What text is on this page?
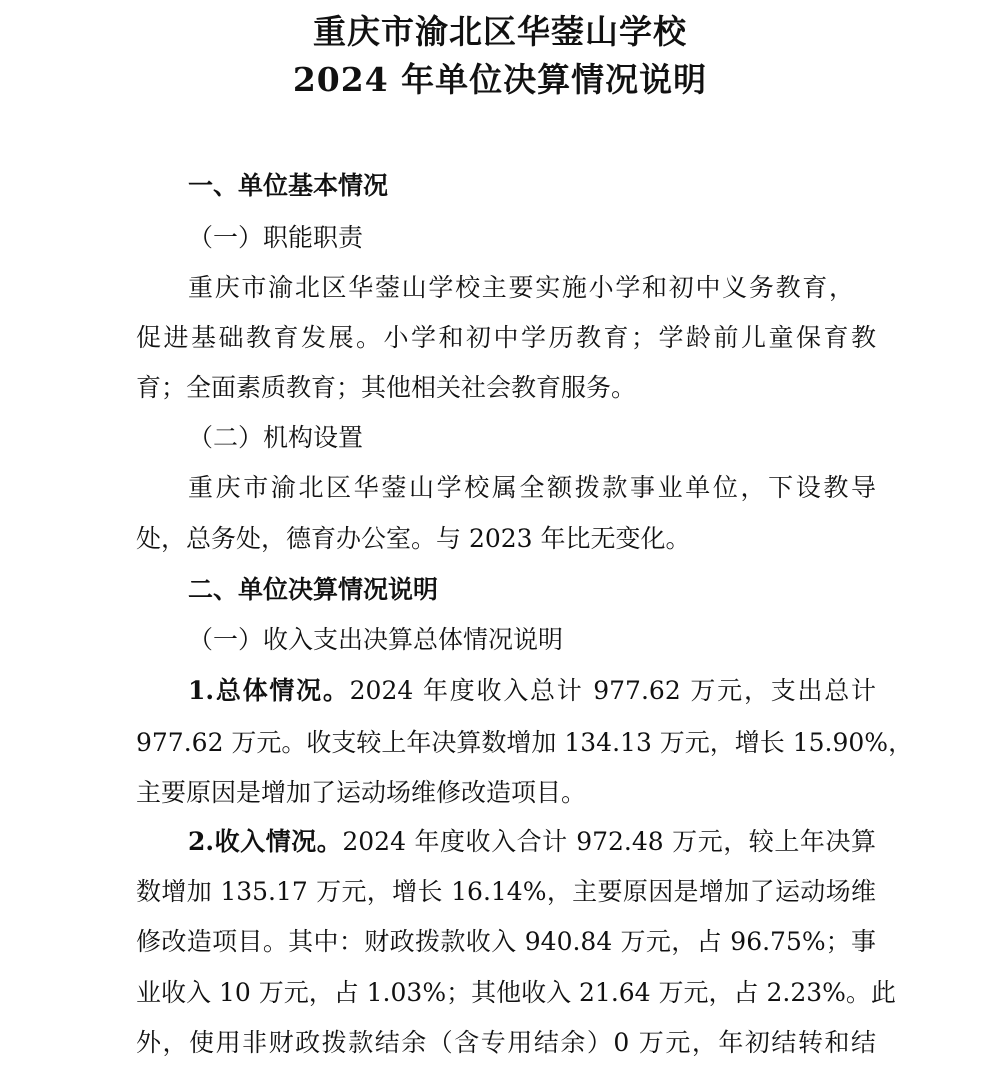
重庆市渝北区华蓥山学校
2024 年单位决算情况说明
一、单位基本情况
（一）职能职责
重庆市渝北区华蓥山学校主要实施小学和初中义务教育，
促进基础教育发展。小学和初中学历教育；学龄前儿童保育教
育；全面素质教育；其他相关社会教育服务。
（二）机构设置
重庆市渝北区华蓥山学校属全额拨款事业单位，下设教导
处，总务处，德育办公室。与 2023 年比无变化。
二、单位决算情况说明
（一）收入支出决算总体情况说明
1.总体情况。2024 年度收入总计 977.62 万元，支出总计
977.62 万元。收支较上年决算数增加 134.13 万元，增长 15.90%，
主要原因是增加了运动场维修改造项目。
2.收入情况。2024 年度收入合计 972.48 万元，较上年决算
数增加 135.17 万元，增长 16.14%，主要原因是增加了运动场维
修改造项目。其中：财政拨款收入 940.84 万元，占 96.75%；事
业收入 10 万元，占 1.03%；其他收入 21.64 万元，占 2.23%。此
外，使用非财政拨款结余（含专用结余）0 万元，年初结转和结
